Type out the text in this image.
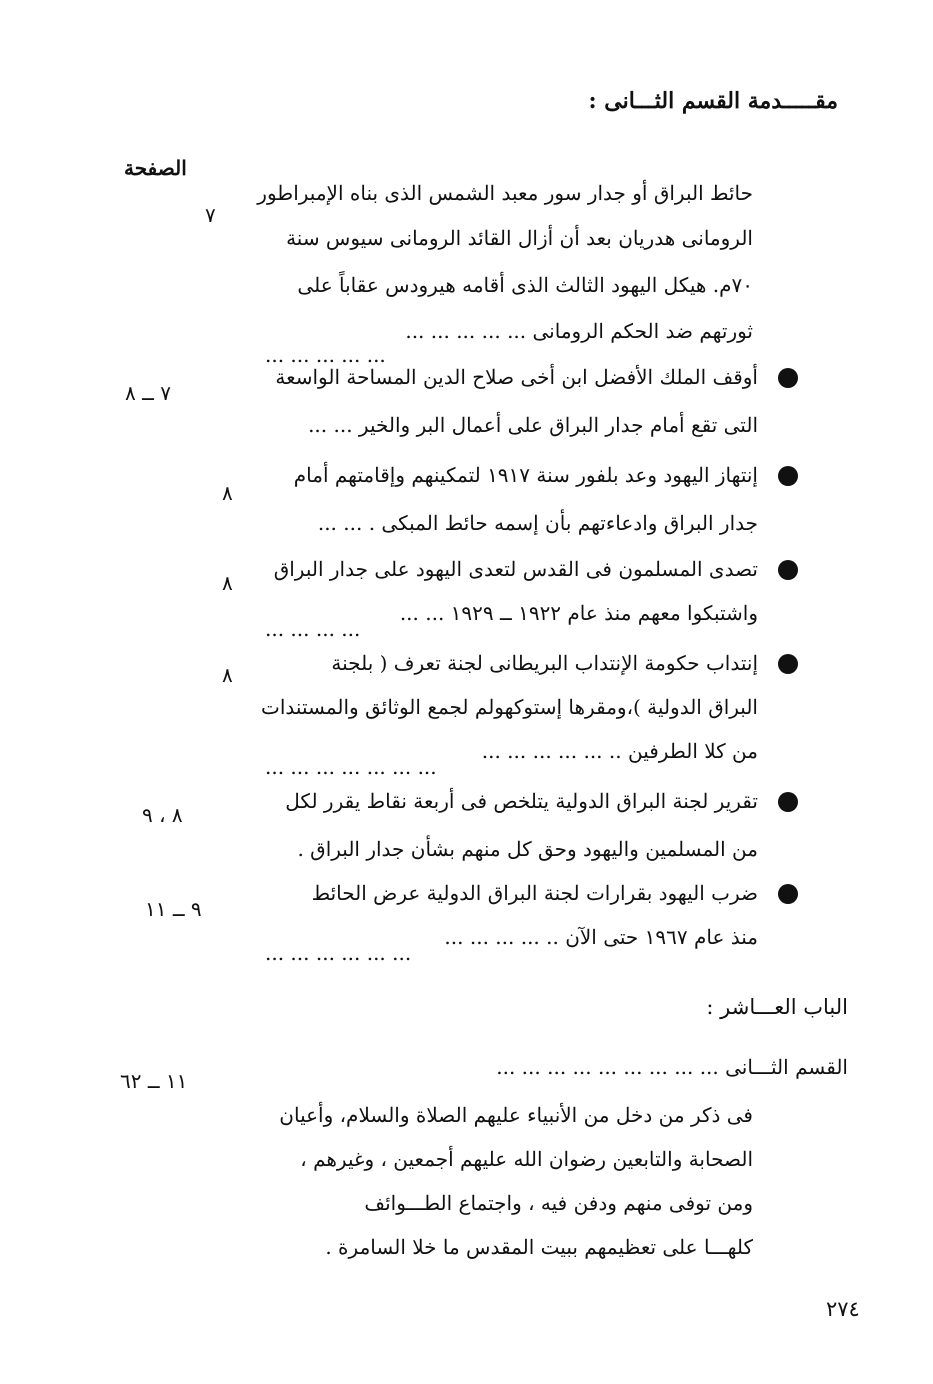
مقـــــدمة القسم الثـــانى :
الصفحة
حائط البراق أو جدار سور معبد الشمس الذى بناه الإمبراطور
الرومانى هدريان بعد أن أزال القائد الرومانى سيوس سنة
٧٠م. هيكل اليهود الثالث الذى أقامه هيرودس عقاباً على
ثورتهم ضد الحكم الرومانى ... ... ... ... ...
... ... ... ... ...
٧
أوقف الملك الأفضل ابن أخى صلاح الدين المساحة الواسعة
التى تقع أمام جدار البراق على أعمال البر والخير ... ...
٧ ــ ٨
إنتهاز اليهود وعد بلفور سنة ١٩١٧ لتمكينهم وإقامتهم أمام
جدار البراق وادعاءتهم بأن إسمه حائط المبكى . ... ...
٨
تصدى المسلمون فى القدس لتعدى اليهود على جدار البراق
واشتبكوا معهم منذ عام ١٩٢٢ ــ ١٩٢٩ ... ...
... ... ... ...
٨
إنتداب حكومة الإنتداب البريطانى لجنة تعرف ( بلجنة
البراق الدولية )،ومقرها إستوكهولم لجمع الوثائق والمستندات
من كلا الطرفين .. ... ... ... ... ...
... ... ... ... ... ... ...
٨
تقرير لجنة البراق الدولية يتلخص فى أربعة نقاط يقرر لكل
من المسلمين واليهود وحق كل منهم بشأن جدار البراق .
٨ ، ٩
ضرب اليهود بقرارات لجنة البراق الدولية عرض الحائط
منذ عام ١٩٦٧ حتى الآن .. ... ... ... ...
... ... ... ... ... ...
٩ ــ ١١
الباب العـــاشر :
القسم الثـــانى ... ... ... ... ... ... ... ... ...
١١ ــ ٦٢
فى ذكر من دخل من الأنبياء عليهم الصلاة والسلام، وأعيان
الصحابة والتابعين رضوان الله عليهم أجمعين ، وغيرهم ،
ومن توفى منهم ودفن فيه ، واجتماع الطـــوائف
كلهـــا على تعظيمهم ببيت المقدس ما خلا السامرة .
٢٧٤
